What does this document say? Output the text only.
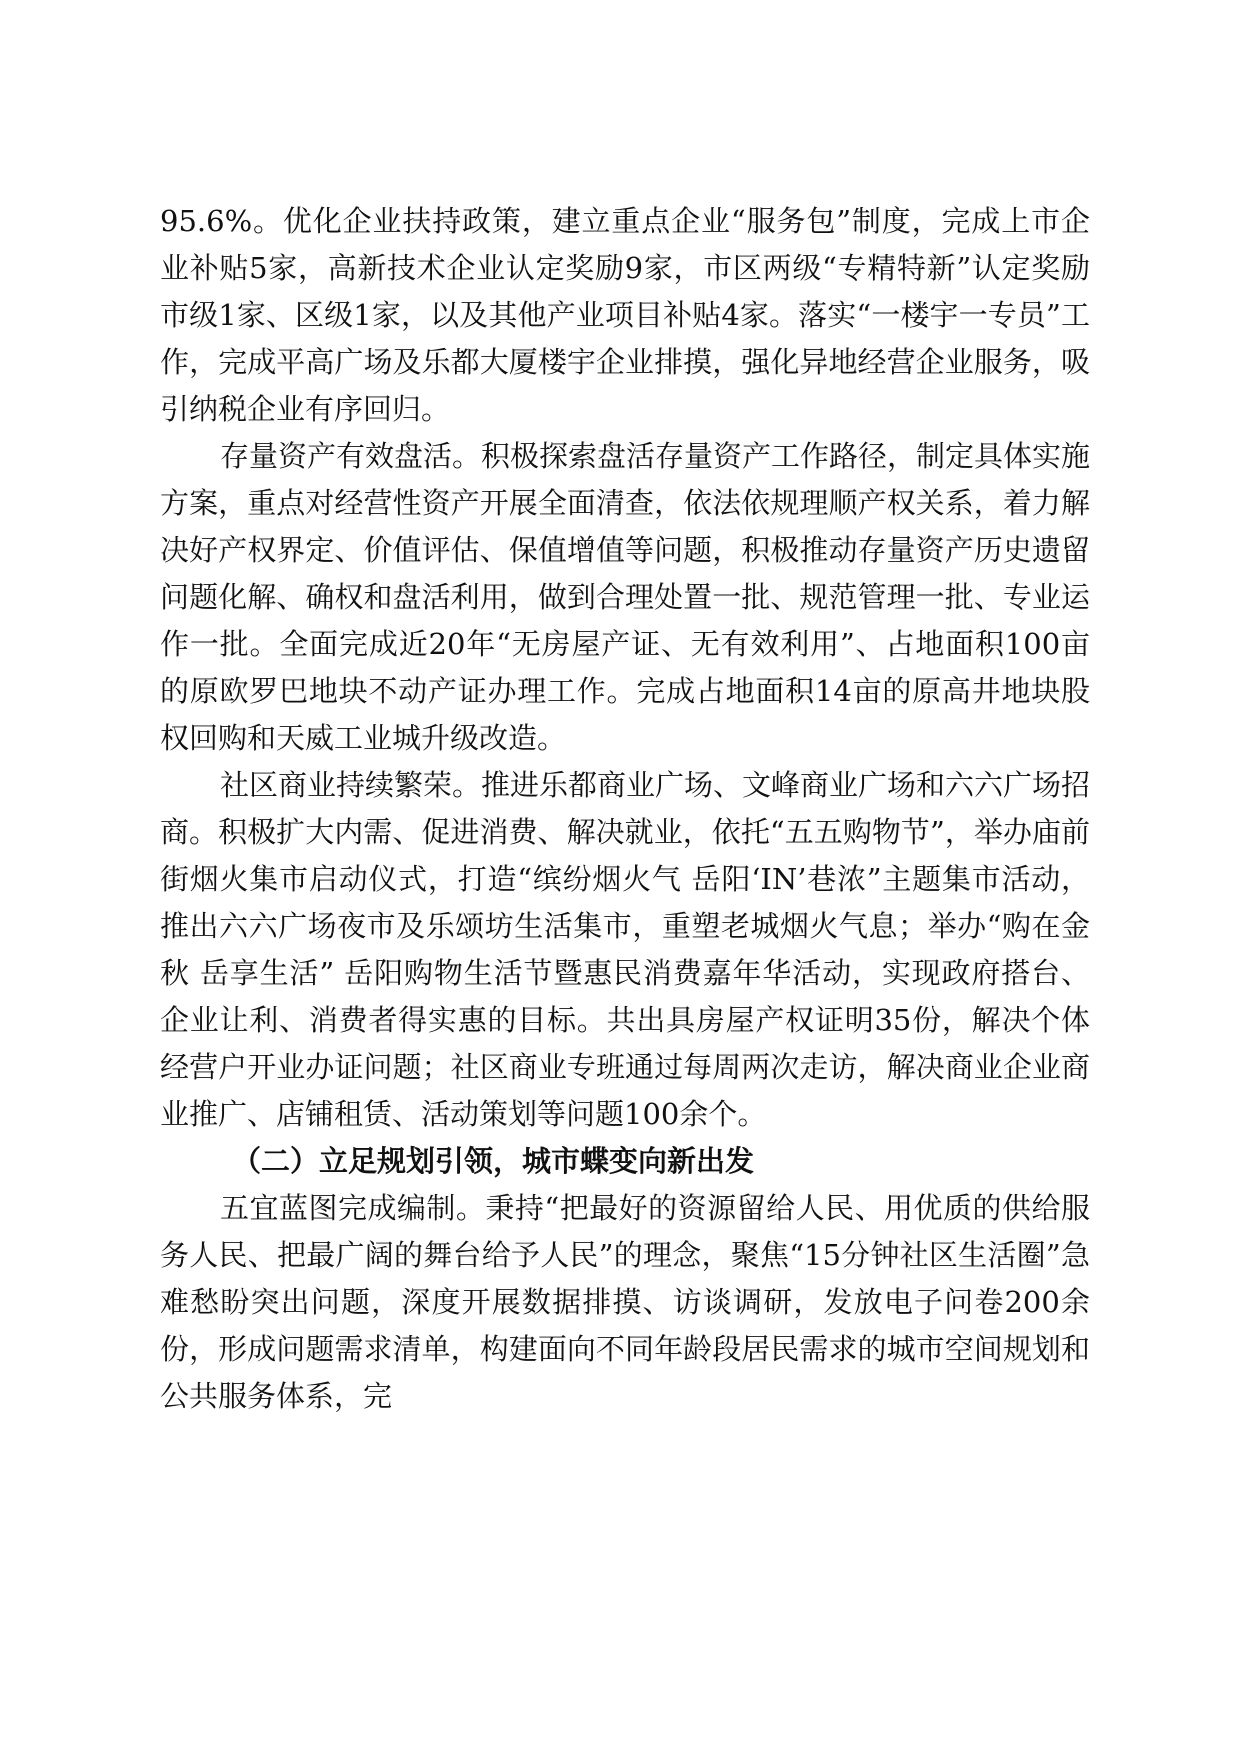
95.6%。优化企业扶持政策，建立重点企业“服务包”制度，完成上市企业补贴5家，高新技术企业认定奖励9家，市区两级“专精特新”认定奖励市级1家、区级1家，以及其他产业项目补贴4家。落实“一楼宇一专员”工作，完成平高广场及乐都大厦楼宇企业排摸，强化异地经营企业服务，吸引纳税企业有序回归。

存量资产有效盘活。积极探索盘活存量资产工作路径，制定具体实施方案，重点对经营性资产开展全面清查，依法依规理顺产权关系，着力解决好产权界定、价值评估、保值增值等问题，积极推动存量资产历史遗留问题化解、确权和盘活利用，做到合理处置一批、规范管理一批、专业运作一批。全面完成近20年“无房屋产证、无有效利用”、占地面积100亩的原欧罗巴地块不动产证办理工作。完成占地面积14亩的原高井地块股权回购和天威工业城升级改造。

社区商业持续繁荣。推进乐都商业广场、文峰商业广场和六六广场招商。积极扩大内需、促进消费、解决就业，依托“五五购物节”，举办庙前街烟火集市启动仪式，打造“缤纷烟火气 岳阳‘IN’巷浓”主题集市活动，推出六六广场夜市及乐颂坊生活集市，重塑老城烟火气息；举办“购在金秋 岳享生活” 岳阳购物生活节暨惠民消费嘉年华活动，实现政府搭台、企业让利、消费者得实惠的目标。共出具房屋产权证明35份，解决个体经营户开业办证问题；社区商业专班通过每周两次走访，解决商业企业商业推广、店铺租赁、活动策划等问题100余个。

（二）立足规划引领，城市蝶变向新出发

五宜蓝图完成编制。秉持“把最好的资源留给人民、用优质的供给服务人民、把最广阔的舞台给予人民”的理念，聚焦“15分钟社区生活圈”急难愁盼突出问题，深度开展数据排摸、访谈调研，发放电子问卷200余份，形成问题需求清单，构建面向不同年龄段居民需求的城市空间规划和公共服务体系，完
